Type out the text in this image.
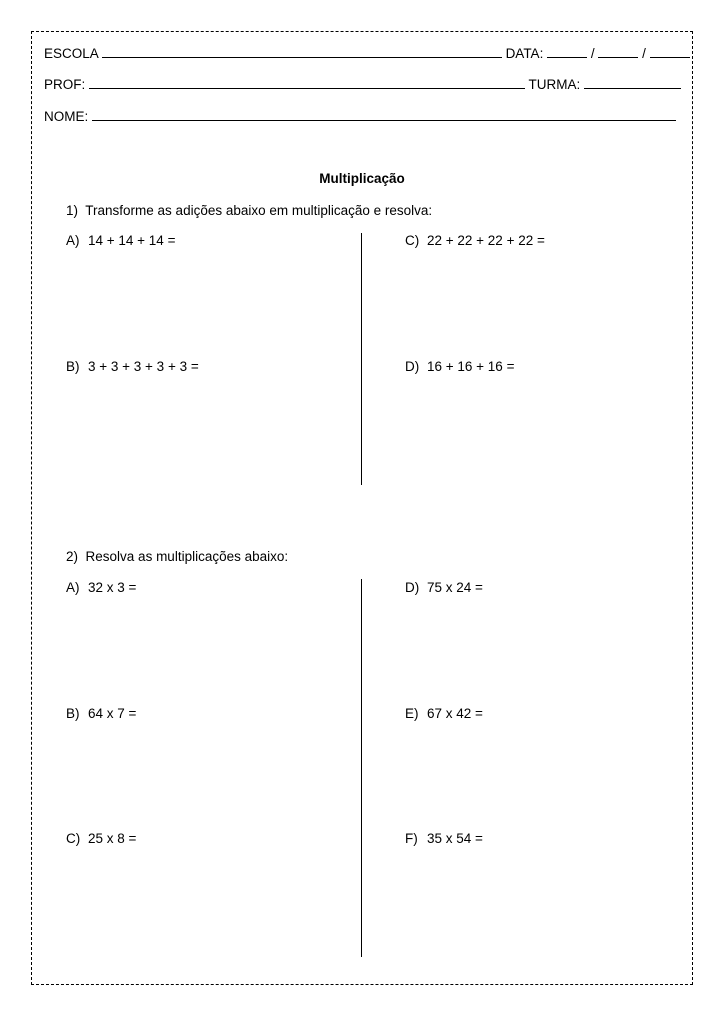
ESCOLA	DATA:	/	/
PROF:	TURMA:
NOME:
Multiplicação
1) Transforme as adições abaixo em multiplicação e resolva:
A) 14 + 14 + 14 =
B) 3 + 3 + 3 + 3 + 3 =
C) 22 + 22 + 22 + 22 =
D) 16 + 16 + 16 =
2) Resolva as multiplicações abaixo:
A) 32 x 3 =
B) 64 x 7 =
C) 25 x 8 =
D) 75 x 24 =
E) 67 x 42 =
F) 35 x 54 =
